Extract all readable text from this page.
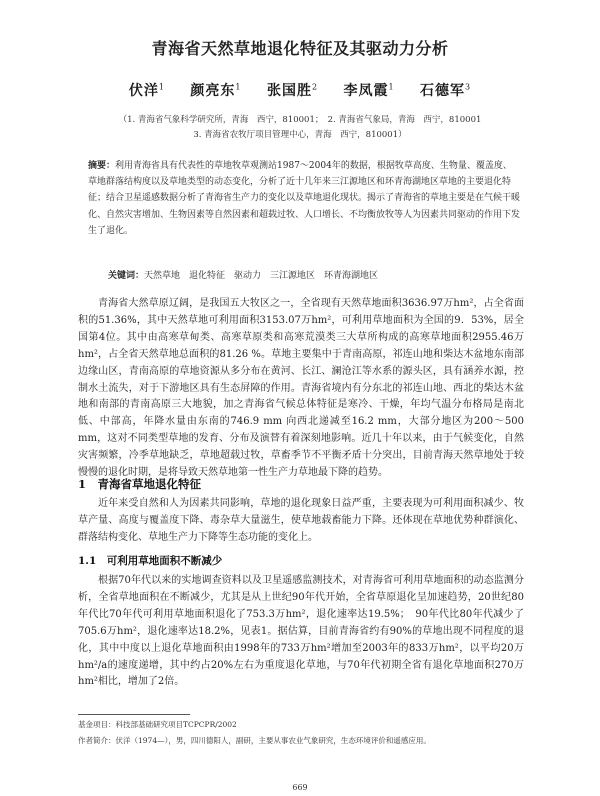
青海省天然草地退化特征及其驱动力分析
伏洋$^1$ 颜亮东$^1$ 张国胜$^2$ 李凤霞$^1$ 石德军$^3$
（1. 青海省气象科学研究所，青海　西宁，810001；　2. 青海省气象局，青海　西宁，810001
3. 青海省农牧厅项目管理中心，青海　西宁，810001）
摘要：利用青海省具有代表性的草地牧草观测站1987～2004年的数据，根据牧草高度、生物量、覆盖度、草地群落结构度以及草地类型的动态变化，分析了近十几年来三江源地区和环青海湖地区草地的主要退化特征；结合卫星遥感数据分析了青海省生产力的变化以及草地退化现状。揭示了青海省的草地主要是在气候干暖化、自然灾害增加、生物因素等自然因素和超载过牧、人口增长、不均衡放牧等人为因素共同驱动的作用下发生了退化。
关键词：天然草地　退化特征　驱动力　三江源地区　环青海湖地区
青海省大然草原辽阔，是我国五大牧区之一，全省现有天然草地面积3636.97万hm²，占全省面积的51.36%，其中天然草地可利用面积3153.07万hm²，可利用草地面积为全国的9．53%，居全国第4位。其中由高寒草甸类、高寒草原类和高寒荒漠类三大草所构成的高寒草地面积2955.46万hm²，占全省天然草地总面积的81.26 %。草地主要集中于青南高原，祁连山地和柴达木盆地东南部边缘山区，青南高原的草地资源从多分布在黄河、长江、澜沧江等水系的源头区，具有涵养水源，控制水土流失，对于下游地区具有生态屏障的作用。青海省境内有分东北的祁连山地、西北的柴达木盆地和南部的青南高原三大地貌，加之青海省气候总体特征是寒冷、干燥，年均气温分布格局是南北低、中部高，年降水量由东南的746.9 mm 向西北递减至16.2 mm，大部分地区为200～500 mm，这对不同类型草地的发育、分布及演替有着深刻地影响。近几十年以来，由于气候变化，自然灾害频繁，冷季草地缺乏，草地超载过牧，草畜季节不平衡矛盾十分突出，目前青海天然草地处于较慢慢的退化时期，是将导致天然草地第一性生产力草地最下降的趋势。
1　青海省草地退化特征
近年来受自然和人为因素共同影响，草地的退化现象日益严重，主要表现为可利用面积减少、牧草产量、高度与覆盖度下降、毒杂草大量滋生，使草地载畜能力下降。还体现在草地优势种群演化、群落结构变化、草地生产力下降等生态功能的变化上。
1.1　可利用草地面积不断减少
根据70年代以来的实地调查资料以及卫星遥感监测技术，对青海省可利用草地面积的动态监测分析，全省草地面积在不断减少，尤其是从上世纪90年代开始，全省草原退化呈加速趋势，20世纪80年代比70年代可利用草地面积退化了753.3万hm²，退化速率达19.5%；　90年代比80年代减少了705.6万hm²，退化速率达18.2%，见表1。据估算，目前青海省约有90%的草地出现不同程度的退化，其中中度以上退化草地面积由1998年的733万hm²增加至2003年的833万hm²，以平均20万hm²/a的速度递增，其中约占20%左右为重度退化草地，与70年代初期全省有退化草地面积270万hm²相比，增加了2倍。
基金项目：科技部基础研究项目TCPCPR/2002
作者简介：伏洋（1974—），男，四川德阳人，副研，主要从事农业气象研究，生态环境评价和遥感应用。
669
